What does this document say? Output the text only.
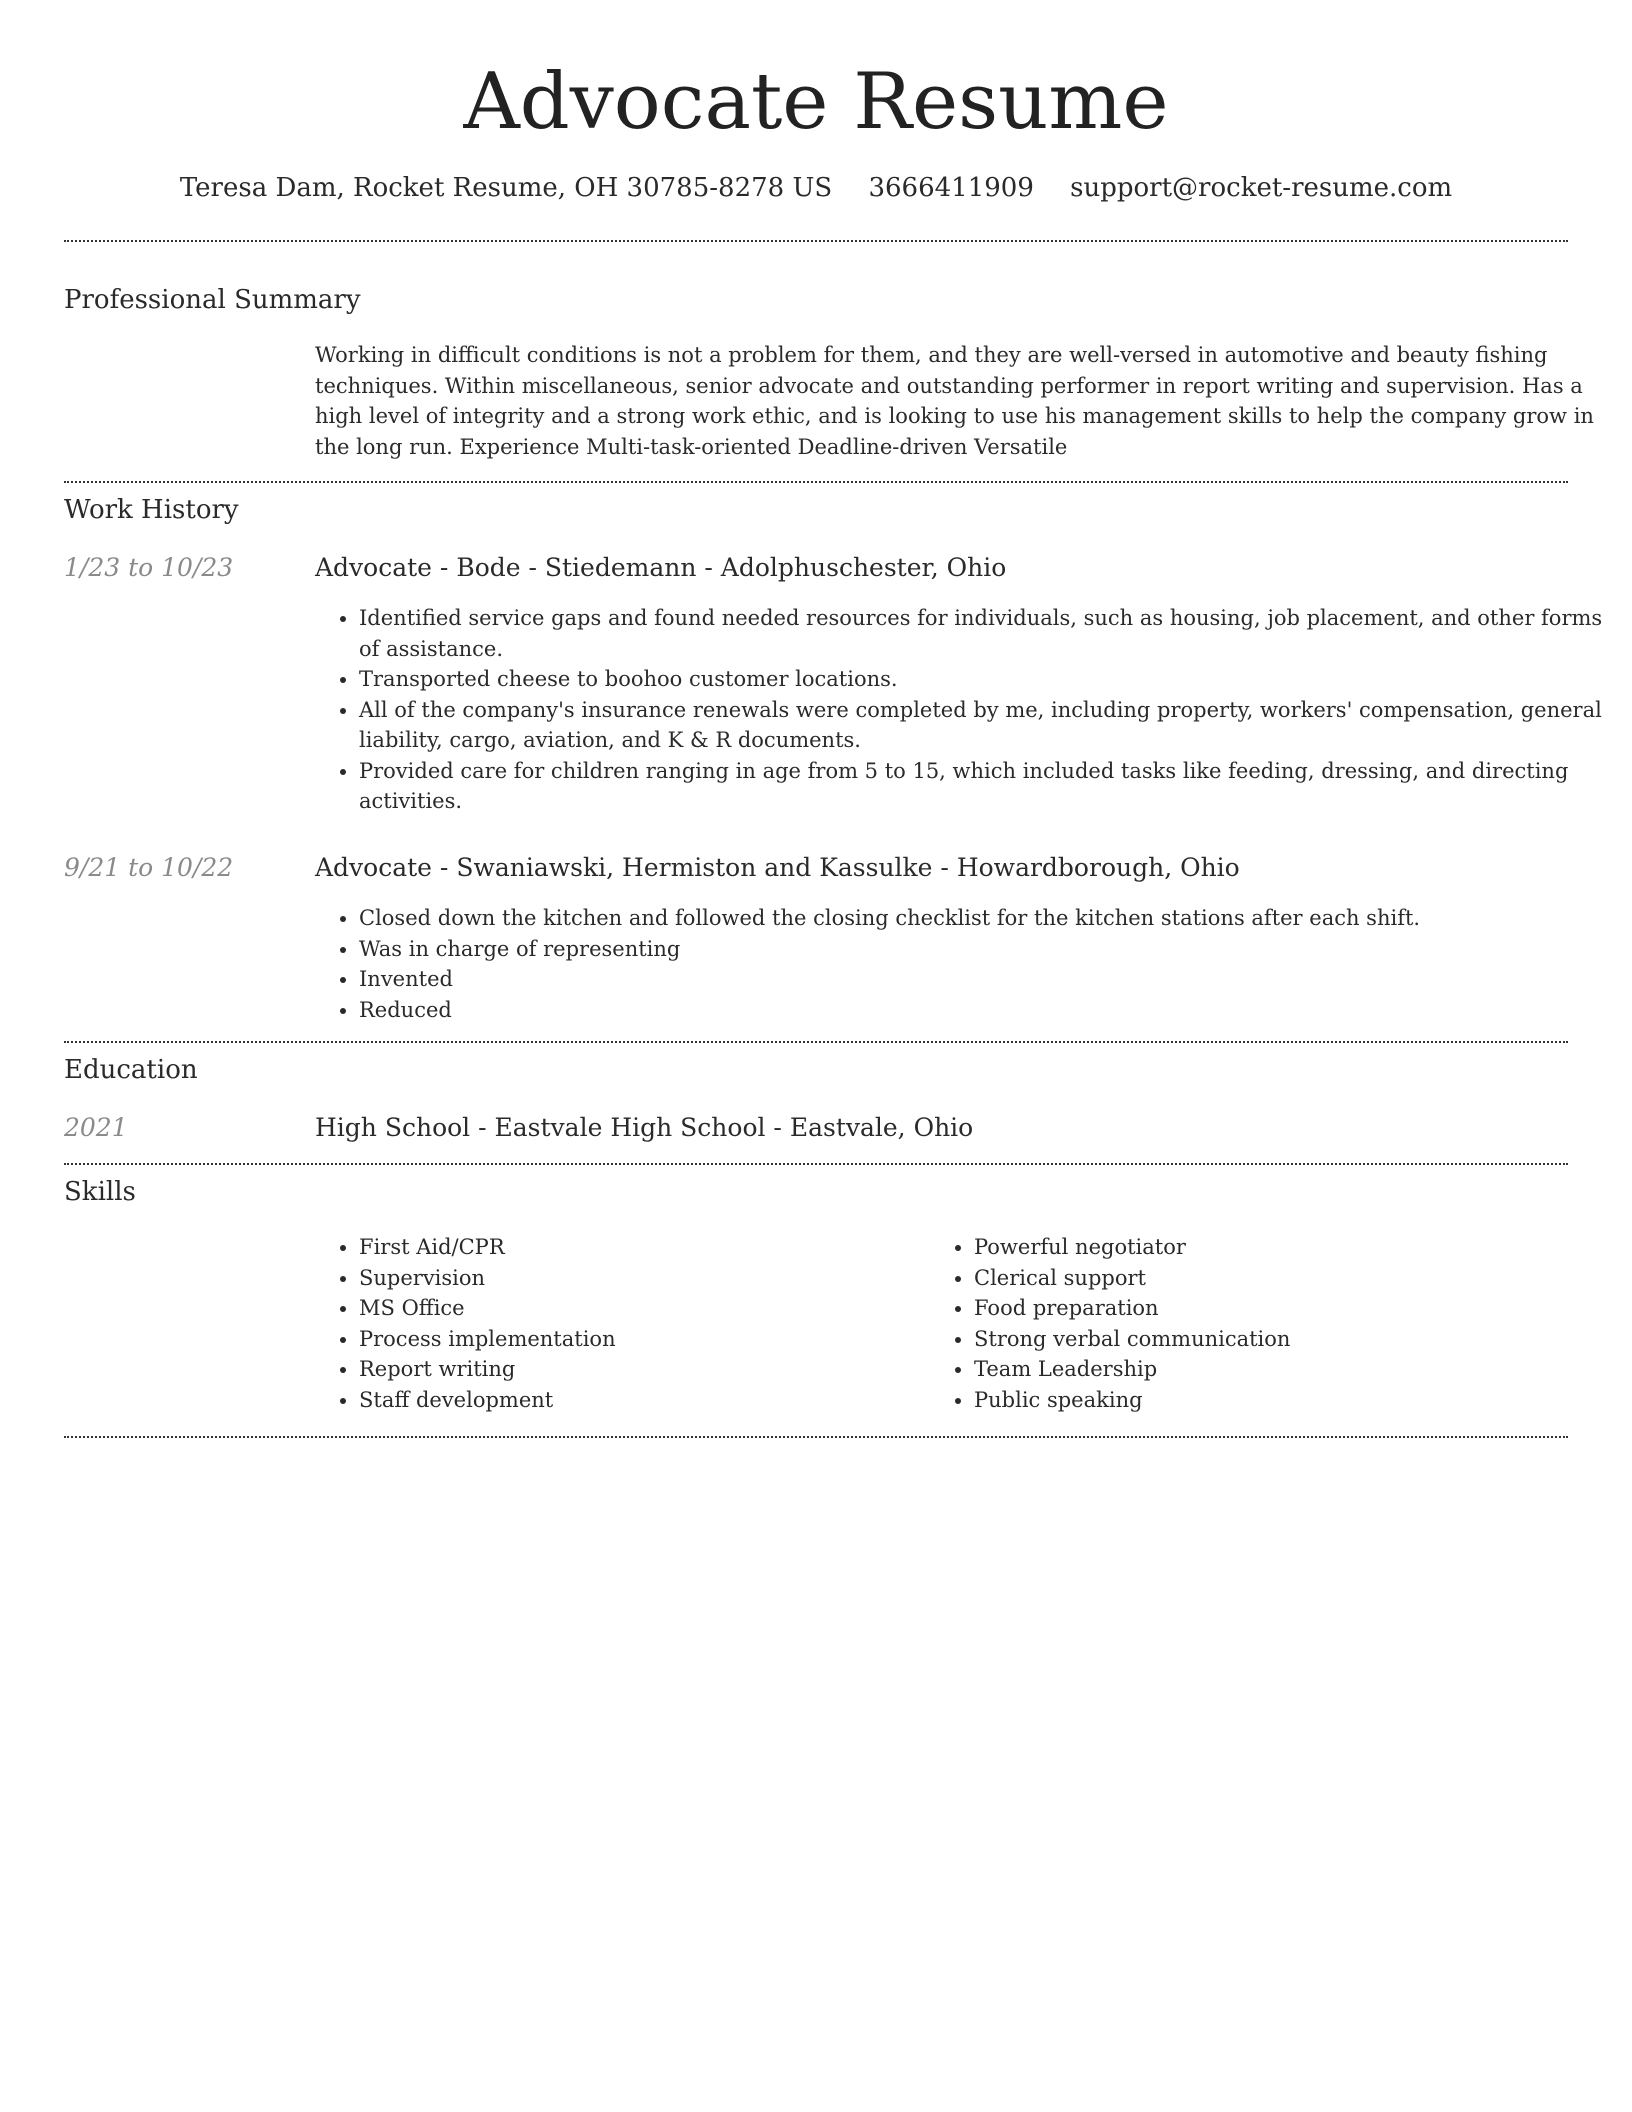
Advocate Resume
Teresa Dam, Rocket Resume, OH 30785-8278 US 3666411909 support@rocket-resume.com
Professional Summary

Working in difficult conditions is not a problem for them, and they are well-versed in automotive and beauty fishing techniques. Within miscellaneous, senior advocate and outstanding performer in report writing and supervision. Has a high level of integrity and a strong work ethic, and is looking to use his management skills to help the company grow in the long run. Experience Multi-task-oriented Deadline-driven Versatile

Work History
1/23 to 10/23	Advocate - Bode - Stiedemann - Adolphuschester, Ohio
• Identified service gaps and found needed resources for individuals, such as housing, job placement, and other forms of assistance.
• Transported cheese to boohoo customer locations.
• All of the company's insurance renewals were completed by me, including property, workers' compensation, general liability, cargo, aviation, and K & R documents.
• Provided care for children ranging in age from 5 to 15, which included tasks like feeding, dressing, and directing activities.
9/21 to 10/22	Advocate - Swaniawski, Hermiston and Kassulke - Howardborough, Ohio
• Closed down the kitchen and followed the closing checklist for the kitchen stations after each shift.
• Was in charge of representing
• Invented
• Reduced
Education
2021	High School - Eastvale High School - Eastvale, Ohio
Skills
• First Aid/CPR
• Supervision
• MS Office
• Process implementation
• Report writing
• Staff development
• Powerful negotiator
• Clerical support
• Food preparation
• Strong verbal communication
• Team Leadership
• Public speaking
